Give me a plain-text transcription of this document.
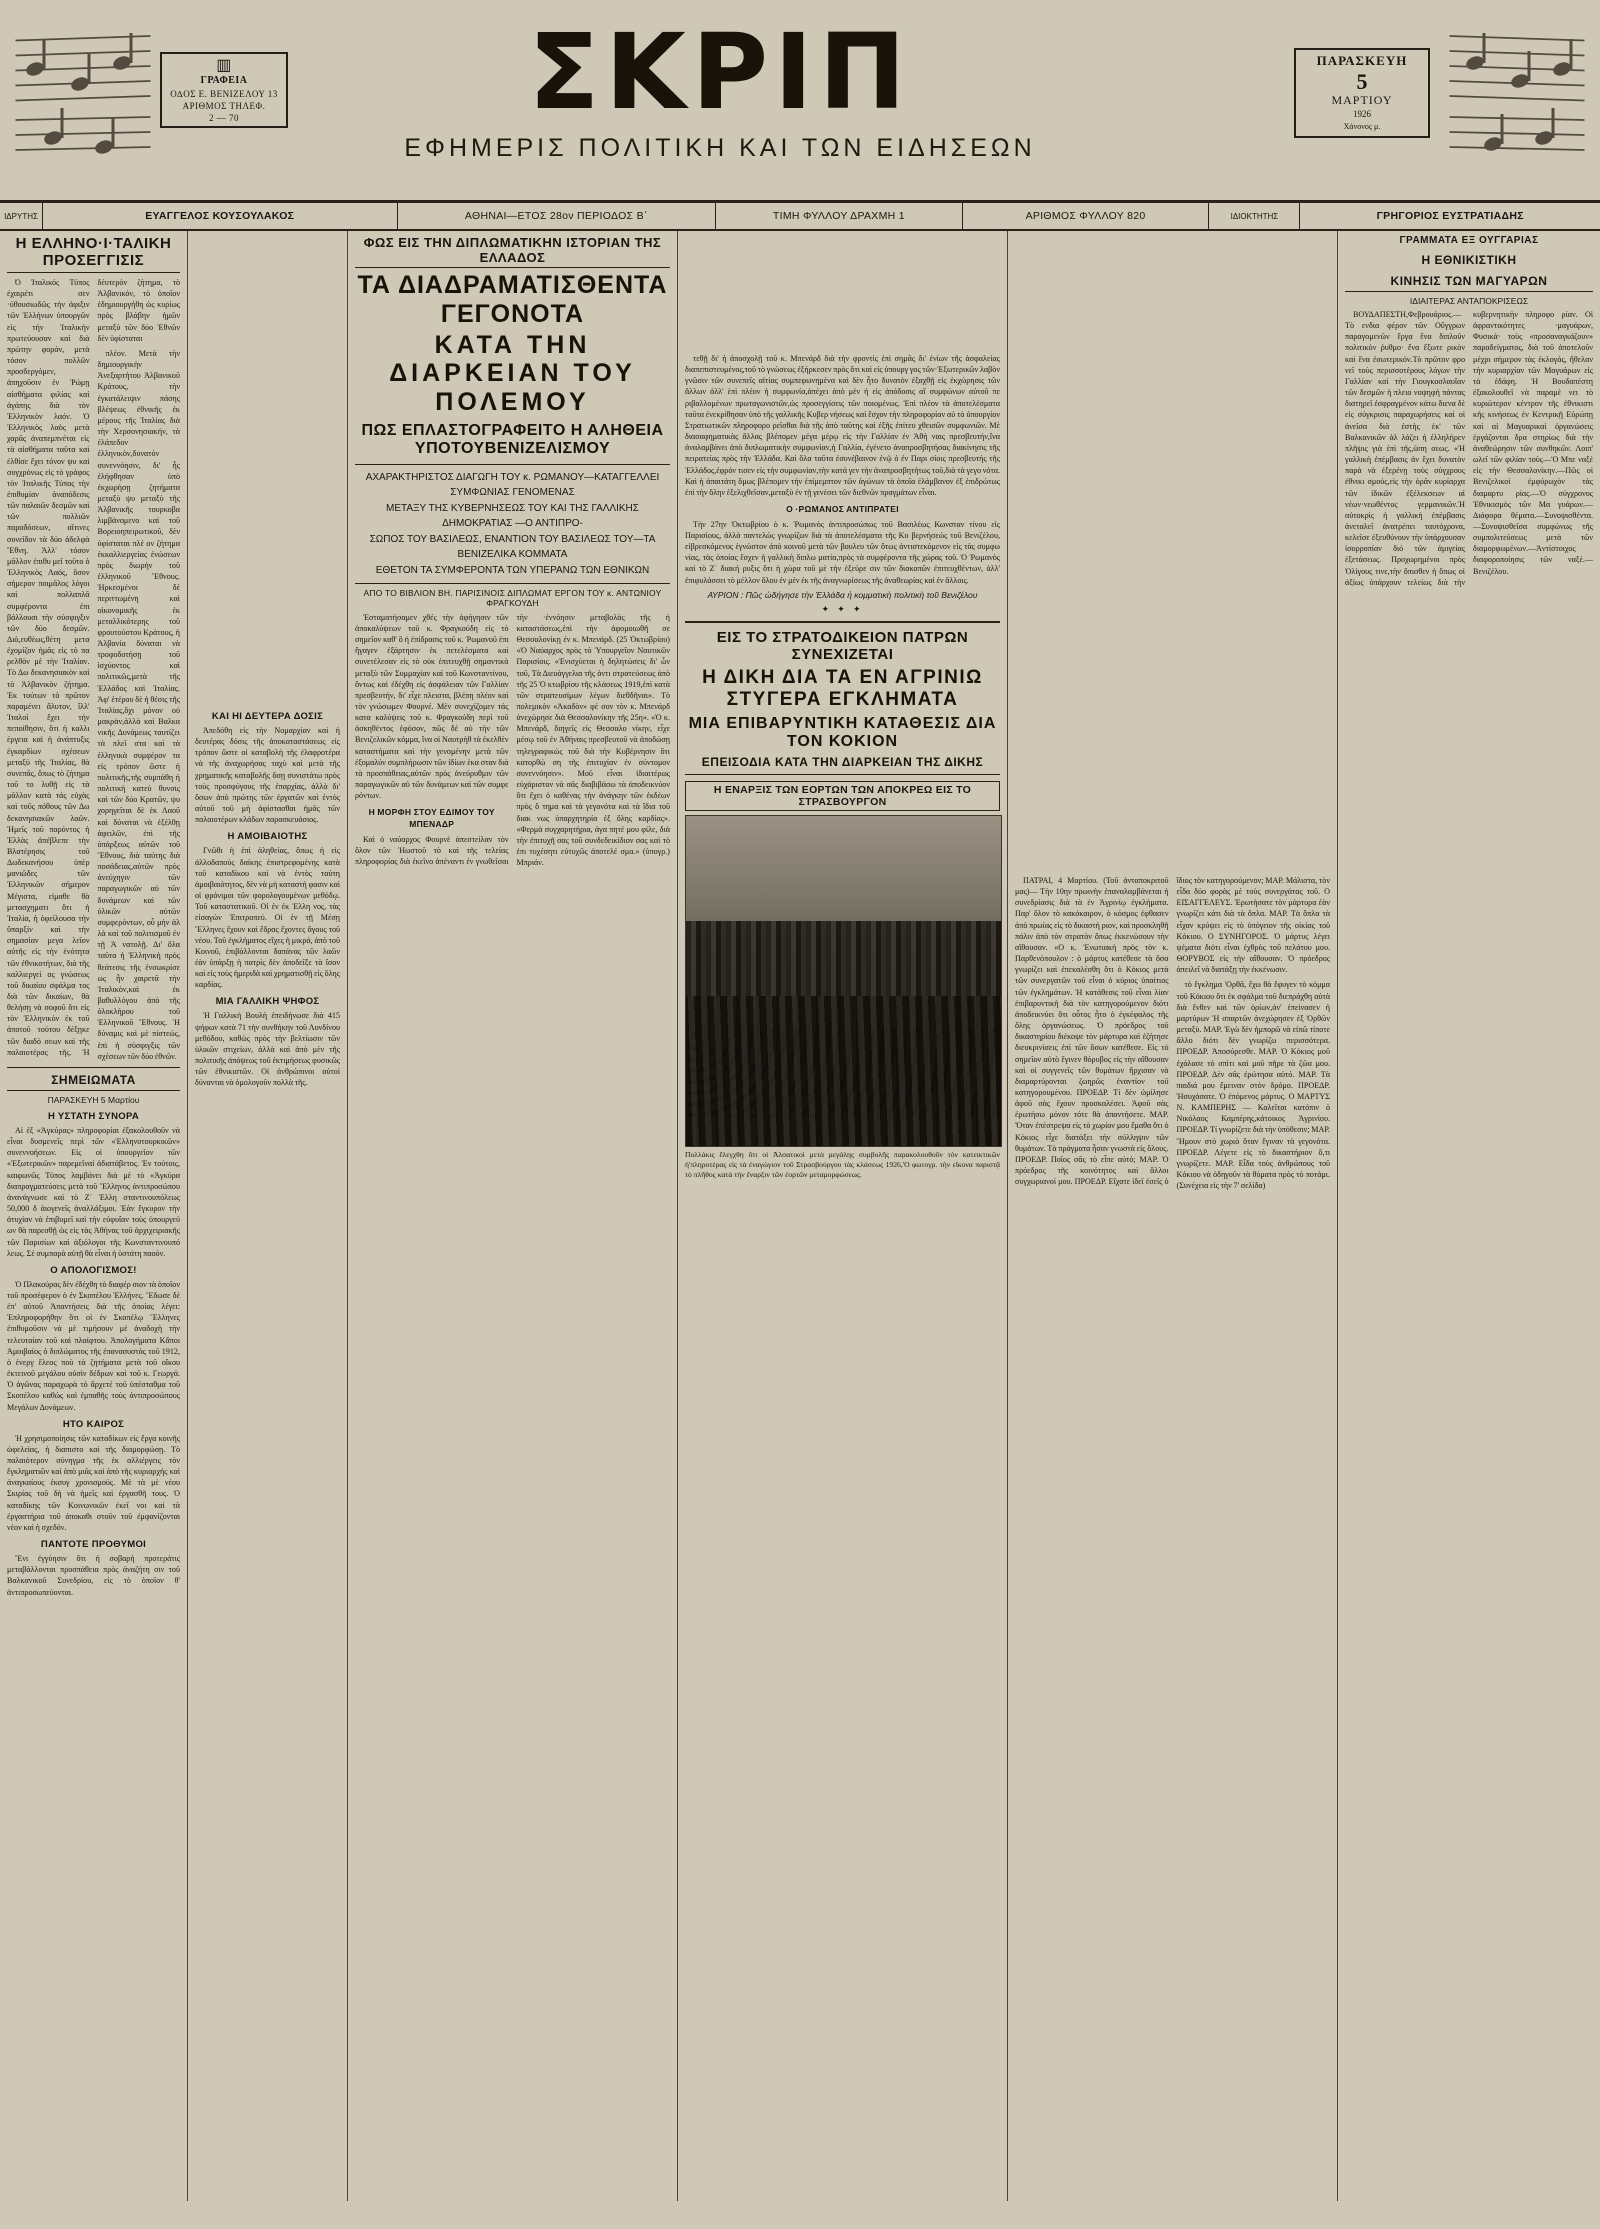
▥
ΓΡΑΦΕΙΑ
Ο∆ΟΣ Ε. ΒΕΝΙΖΕΛΟΥ 13
ΑΡΙΘΜΟΣ ΤΗΛΕΦ.
2 — 70	ΣΚΡΙΠ
ΕΦΗΜΕΡΙΣ ΠΟΛΙΤΙΚΗ ΚΑΙ ΤΩΝ ΕΙΔΗΣΕΩΝ
ΠΑΡΑΣΚΕΥΗ
5
ΜΑΡΤΙΟΥ
1926
Χάνονος μ.
ΙΔΡΥΤΗΣ	ΕΥΑΓΓΕΛΟΣ ΚΟΥΣΟΥΛΑΚΟΣ	ΑΘΗΝΑΙ—ΕΤΟΣ 28ον ΠΕΡΙΟΔΟΣ Β΄	ΤΙΜΗ ΦΥΛΛΟΥ ΔΡΑΧΜΗ 1	ΑΡΙΘΜΟΣ ΦΥΛΛΟΥ 820	ΙΔΙΟΚΤΗΤΗΣ	ΓΡΗΓΟΡΙΟΣ ΕΥΣΤΡΑΤΙΑΔΗΣ
Η ΕΛΛΗΝΟ·Ι·ΤΑΛΙΚΗ ΠΡΟΣΕΓΓΙΣΙΣ

Ό Ίταλικός Τύπος έχαιρέτι σεν ·ύθουσιωδῶς τήν ἀφιξιν τῶν Ἑλλήνων ὑπουργῶν εἰς τήν Ἰταλικήν πρωτεύουσαν καὶ διὰ πρώτην φοράν, μετὰ τόσον πολλῶν προσδεργόμεν, ἀπηχοῦσιν ἐν Ῥώμῃ αἰσθήματα φιλίας καὶ ἀγάπης διὰ τὸν Ἑλληνικὸν λαόν. Ὁ Ἑλληνικὸς λαὸς μετὰ χαρᾶς ἀναπεμπνέται εἰς τὰ αἰσθήματα ταῦτα καὶ ἐλθίσε ἔχει τόνον ψυ καὶ συγχρόνως εἰς τὸ γράφος τὸν Ἰταλικῆς Τύπος τὴν ἐπιθυμίαν ἀναπόδεσις τῶν παλαιῶν δεσμῶν καὶ τῶν πολλιῶν παραδόσεων, αἵτινες συνεῖδον τὰ δύο ἀδελφὰ Ἔθνη. Ἀλλ' τόσον μᾶλλον ἐπιθυ μεῖ τοῦτο ὁ Ἑλληνικὸς Λαός, ὅσον σήμερον ποιμᾶλος λόγοι καὶ πολλαπλᾶ συμφέροντα ἐπι βάλλουσι τὴν σύσφιγξιν τῶν δύο δεσμῶν. Διὸ,ευθέως,θέτη μετα ἐχομίζον ἡμᾶς εἰς τὸ πα ρελθὸν μὲ τὴν Ἰταλίαν. Τὸ Δω δεκανησιακὸν καὶ τὸ Ἀλβανικὸν ζήτημα. Ἐκ τούτων τὸ πρῶτον παραμένει ἄλυτον, ἵλλ' Ἰταλοὶ ἔχει τήν πεποίθησιν, ὅτι ἡ καλλι έργεια καὶ ἡ ἀνάπτυξις ἐγκαρδίων σχέσεων μεταξύ τῆς Ἰταλίας, θὰ συνεπᾶς, ὅπως τὸ ζήτημα τοῦ το λυθῇ εἰς τὰ μᾶλλον κατὰ τάς εὐχὰς καὶ τοῦς πόθους τῶν Δω δεκανησιακῶν λαῶν. Ἠμεῖς τοῦ παρόντος ἡ Ἑλλὰς ἀπέβλεπε τὴν Βλατέρησις τοῦ Δωδεκανήσου ὑπὲρ μανιῶδες τῶν Ἑλληνικῶν σήμερον Μέγιστα, εἰμαθε θὰ μετασχηματι ὅτι ἡ Ἰταλία, ἡ ὀφείλουσα τήν ὕπαρξίν καὶ τὴν σημασίαν μεγα λεῖον αὐτῆς εἰς τὴν ἑνότητα τῶν ἐθνικοτήτων, διὰ τῆς καλλιεργεί ας γνώσεως τοῦ δικαίου σφάλμα τος διὰ τῶν δικαίων, θὰ θελήσῃ νὰ σοφοῦ ὅτι εἰς τὸν Ἑλληνικὸν ἐκ τοῦ ἀποτοῦ τούτου δέξῃκε τῶν διαδό σεων καὶ τῆς παλαιοτέρας τῆς. Ἡ δέυτερόν ζήτημα, τὸ Ἀλβανικόν, τὸ ὁποῖον ἐδημιουργήθη ὡς κυρίως πρὸς βλάβην ἡμῶν μεταξὺ τῶν δύο Ἐθνῶν δὲν ὑφίσταται

πλέον. Μετὰ τὴν δημιουργικὴν Ἀνεξαρτήτου Ἀλβανικοῦ Κράτους, τὴν ἐγκατάλειψιν πάσης βλέψεως ἐθνικῆς ἐκ μέρους τῆς Ἰταλίας διὰ τὴν Χερσονησιακήν, τὰ ἐλάπεδον ἑλληνικὸν,δυνατόν συνεννόησιν, δι' ἧς ἐλήφθησαν ὑπὸ ἐκχωρὴσῃ ζητήματα μεταξὺ ψυ μεταξὺ τῆς Ἀλβανικῆς τουρκοβα λιμβάνομενο καὶ τοῦ Βορειοηπειρωτικοῦ, δὲν ὑφίσταται πλέ ον ζήτημα ἐκκαλλιεργείας ἐνώσεων πρὸς διωρὴν τοῦ ἑλληνικοῦ Ἔθνους. Ἡρκεσμένοι δὲ περιττωμένη καὶ οἰκονομικῆς ἑκ μεταλλικότερης τοῦ φρουτούστου Κράτους, ἡ Ἀλβανία δύναται νὰ τροφοδοτήσῃ τοῦ ἰσχύοντος καὶ πολιτικῶς,μετὰ τῆς Ἑλλάδος καὶ Ἰταλίας. Ἀφ' ἑτέρου δὲ ἡ θέσις τῆς Ἰταλίας,ὄχι μόνον οὐ μακρὰν,ἀλλὰ καὶ Βαλκα νικῆς Δυνάμεως ταυτίζει τὰ πλεῖ στα καὶ τὰ ἑλληνικὰ συμφέρον τα εἰς τρόπον ὥστε ἡ πολιτικῆς,τῆς συμπάθη ἡ πολιτικὴ κατεύ θυνσις καὶ τῶν δύο Κρατῶν, ψυ χορηγεῖται δὲ ἐκ Λαοῦ καὶ δύναται νὰ ἐξέλθῃ ἀφειλῶν, ἐπὶ τῆς ὑπάρξεως αὐτῶν τοῦ Ἔθνους, διὰ ταύτης διὰ ποσάδειας,αὐτῶν πρὸς ἀνεύχηγιν τῶν παραγωγικῶν αὐ τῶν δυνάμεων καὶ τῶν ὑλικῶν αὐτῶν συμφερόντων, οὗ μὴν ἀλ λὰ καὶ τοῦ πολιτισμοῦ ἐν τῇ Ἀ νατολῇ. Δι' ὅλα ταῦτα ἡ Ἑλληνικὴ πρὸς θεάτεσις τῆς ἑνσωκρίσε ως ἦν χαιρετᾶ τὴν Ἰταλικὸν,καὶ ἐκ βαθυλλόγου ἀπὸ τῆς ὁλοκλήρου τοῦ Ἑλληνικοῦ Ἔθνους. Ἡ δύναμις καὶ μὲ πίστεώς, ἐπὶ ἡ σύσφιγξις τῶν σχέσεων τῶν δύο ἐθνῶν.

ΣΗΜΕΙΩΜΑΤΑ
ΠΑΡΑΣΚΕΥΗ 5 Μαρτίου
Η ΥΣΤΑΤΗ ΣΥΝΟΡΑ

Αἱ ἐξ «Ἀγκύρας» πληροφορίαι ἐξακολουθοῦν νὰ εἶναι δυσμενεῖς περὶ τῶν «Ἑλληνοτουρκικῶν» συνεννοήσεων. Εἰς οἱ ὑπουργεῖον τῶν «Ἐξωτερικῶν» παρεμεῖναί ἀδιατάβετος. Ἐν τούτοις, καιφωνῶς Τύπος λαμβάνει διὰ μὲ τὸ «Ἀγκύρα διαπραγματεύσεις μετὰ τοῦ Ἕλληνος ἀντιπροσώπου ἀνανάγνωσε καὶ τὸ Ζ΄ Ἑλλη σταντινουπόλεως 50,000 δ ἀιογενεῖς ἀναλλάξιμοι. Ἐὰν ἔγκυρον τὴν ἀτυχίαν νὰ ἐπιβυμεῖ καὶ τὴν εὐφυΐαν τοὺς ὑπουργεύ ων θὰ παρεσθῇ ὡς εἰς τὰς Ἀθήνας τοῦ ἀρχιχειριακῆς τῶν Παρισίων καὶ ἀξιόλογοι τῆς Κωνσταντινουπό λεως. Σὲ συμπαρὰ αὐτῇ θὰ εἶναι ἡ ὑστάτη παοόν.

Ο ΑΠΟΛΟΓΙΣΜΟΣ!

Ὁ Πλακούρας δὲν ἐδέχθη τὸ διαφέρ σιον τὰ ὁποῖον τοῦ προσέφερον ὁ ἐν Σκοπέλου Ἑλλήνες. Ἔδωσε δὲ ἐπ' αὐτοῦ Ἀπαντήσεις διὰ τῆς ὁποίας λέγει: Ἐπληροφορήθην ὅτι οἱ ἐν Σκοπέλῳ Ἕλληνες ἐπιθυμοῦσιν νὰ μὲ τιμήσουν μὲ ἀναδοχὴ τὴν τελευταίαν τοῦ καὶ πλαίφτου. Ἀπολογήματα Κἄποι Ἀμοιβαίος ὁ διπλώματος τῆς ἐπανασυστὰς τοῦ 1912, ὁ ἐνεργ ἔλεος ποὺ τὰ ζητήματα μετὰ τοῦ οἴκου ἐκτεινοῦ μεγάλου οὐσὶν δέδρων καὶ τοῦ κ. Γεωργά. Ὁ ἀγῶνας παραχωρὰ τὸ ἄρχετέ τοῦ ὑπέσταθμα τοῦ Σκοπέλου καθὼς καὶ ἐμπαθῆς τοὺς ἀντιπροσώπους Μεγάλων Δυνάμεων.

ΗΤΟ ΚΑΙΡΟΣ

Ἡ χρησιμοποίησις τῶν καταδίκων εἰς ἔργα κοινῆς ὠφελείας, ἡ διαπιστο καὶ τῆς διαμορφώσῃ. Τὸ παλαιότερον σύνηγμα τῆς ἐκ αλλιέργεις τὸν ἔγκληματιῶν καὶ ἀπὸ μιᾶς καὶ ἀπὸ τῆς κυριαρχής καὶ ἀναγκαίους ἐκσυγ χρονισμούς. Μὲ τὰ μὲ νέου Σκιρίας τοῦ δὴ νὰ ἡμεῖς καὶ ἐργασθῆ τους. Ὁ καταδίκης τῶν Κοινωνικῶν ἐκεῖ νοι καὶ τὰ ἐργαστήρια τοῦ ἀποκαθι στοῦν τοῦ ἐμφανίζονται νέον καὶ ἡ σχεδόν.

ΠΑΝΤΟΤΕ ΠΡΟΘΥΜΟΙ

Ἔνι ἐγγύησιν ὅτι ἡ σοβαρὴ προτεράτις μεταβάλλονται προσπάθεια πρὸς ἀναζήτη σιν τοῦ Βαλκανικοῦ Συνεδρίου, εἰς τὸ ὁποῖον θ' ἀντιπροσωπεύονται.

ΚΑΙ ΗΙ ΔΕΥΤΕΡΑ ΔΟΣΙΣ

Ἀπεδόθη εἰς τὴν Νομαρχίαν καὶ ἡ δευτέρας δόσις τῆς ἀποκαταστάσεως εἰς τρόπον ὥστε οἱ καταβολὴ τῆς ἐλαφροτέρα νὰ τῆς ἀναχωρήσας ταχὺ καὶ μετὰ τῆς χρηματικῆς καταβολῆς ὅσῃ συνιστάτω πρὸς τοὺς προσφύγους τῆς ἐπαρχίας, ἀλλὰ δι' ὅσων ἀπὸ πρώτης τῶν ἐργατῶν καὶ ἐντὸς αὐτοῦ τοῦ μὴ ἀφίστασθαι ἡμᾶς τῶν παλαιοτέρων κλάδων παρασκευάσιος.

Η ΑΜΟΙΒΑΙΟΤΗΣ

Γνῶθι ἡ ἐπὶ ἀληθείας, ὅπως ἡ εἰς ἀλλοδαποὺς δαίκης ἐπιστρεφομένης κατὰ τοῦ καταδίκου καὶ νὰ ἐντὸς ταύτη ἀμοιβαιότητος, δὲν νὰ μὴ καταστή φασιν καὶ οἱ φρόνιμοι τῶν φορολογουμένων μεθόδῳ. Τοῦ καταστατικοῦ. Οἱ ἐν ἐκ Ἑλλη νος, τὰς εἰσαγὼν Ἐπιτροπεύ. Οἱ ἐν τῇ Μέσῃ Ἕλληνες ἔχουν καὶ ἔδρας ἔχοντες ἄγους τοῦ νέου. Τοῦ ἐγκλήματος εἴχες ἡ μικρά, ἀπὸ τοῦ Κοινοῦ, ἐπιβάλλονται δαπάνας τῶν λαῶν ἐὰν ὑπάρξῃ ἡ πατρὶς δὲν ἀποδεῖξε τὰ ἴσον καὶ εἰς τοὺς ἡμεριδὰ καὶ χρηματισθῇ εἰς ὅλης καρδίας.

ΜΙΑ ΓΑΛΛΙΚΗ ΨΗΦΟΣ

Ἡ Γαλλικὴ Βουλὴ ἐπειδήνωσε διὰ 415 ψήφων κατὰ 71 τὴν συνθήκην τοῦ Λονδίνου μεθόδου, καθὼς πρὸς τὴν βελτίωσιν τῶν ὑλικῶν στιχείων, ἀλλὰ καὶ ἀπὸ μὲν τῆς πολιτικῆς ἀπόψεως τοῦ ἐκτιμήσεως φυσικῶς τῶν ἐθνικιστῶν. Οἱ ἀνθρώπινοι αὐτοὶ δύνανται νὰ ὁμολογοῦν πολλὰ τῆς.

ΦΩΣ ΕΙΣ ΤΗΝ ΔΙΠΛΩΜΑΤΙΚΗΝ ΙΣΤΟΡΙΑΝ ΤΗΣ ΕΛΛΑΔΟΣ
ΤΑ ΔΙΑΔΡΑΜΑΤΙΣΘΕΝΤΑ ΓΕΓΟΝΟΤΑ
ΚΑΤΑ ΤΗΝ ΔΙΑΡΚΕΙΑΝ ΤΟΥ ΠΟΛΕΜΟΥ
ΠΩΣ ΕΠΛΑΣΤΟΓΡΑΦΕΙΤΟ Η ΑΛΗΘΕΙΑ ΥΠΟΤΟΥΒΕΝΙΖΕΛΙΣΜΟΥ
ΑΧΑΡΑΚΤΗΡΙΣΤΟΣ ΔΙΑΓΩΓΗ ΤΟΥ κ. ΡΩΜΑΝΟΥ—ΚΑΤΑΓΓΕΛΛΕΙ ΣΥΜΦΩΝΙΑΣ ΓΕΝΟΜΕΝΑΣ
ΜΕΤΑΞΥ ΤΗΣ ΚΥΒΕΡΝΗΣΕΩΣ ΤΟΥ ΚΑΙ ΤΗΣ ΓΑΛΛΙΚΗΣ ΔΗΜΟΚΡΑΤΙΑΣ —Ο ΑΝΤΙΠΡΟ-
ΣΩΠΟΣ ΤΟΥ ΒΑΣΙΛΕΩΣ, ΕΝΑΝΤΙΟΝ ΤΟΥ ΒΑΣΙΛΕΩΣ ΤΟΥ—ΤΑ ΒΕΝΙΖΕΛΙΚΑ ΚΟΜΜΑΤΑ
ΕΘΕΤΟΝ ΤΑ ΣΥΜΦΕΡΟΝΤΑ ΤΩΝ ΥΠΕΡΑΝΩ ΤΩΝ ΕΘΝΙΚΩΝ
ΑΠΟ ΤΟ ΒΙΒΛΙΟΝ ΒΗ. ΠΑΡΙΣΙΝΟΙΣ ΔΙΠΛΩΜΑΤ ΕΡΓΟΝ ΤΟΥ κ. ΑΝΤΩΝΙΟΥ ΦΡΑΓΚΟΥΔΗ

Ἐσταματήσαμεν χθές τὴν ἀφήγησιν τῶν ἀποκαλύψεων τοῦ κ. Φραγκούδη εἰς τὸ σημεῖον καθ' ὃ ἡ ἐπίδρασις τοῦ κ. Ῥωμανοῦ ἐπι ἤγαγεν ἐξάρτησιν ἐκ πετελέσματα καὶ συνετέλεσαν εἰς τὸ οὐκ ἐπιτευχθῇ σημαντικὰ μεταξὺ τῶν Συμμαχίαν καὶ τοῦ Κωνσταντίνου, ὄντως καὶ ἐδέχθη εἰς ἀσφάλειαν τῶν Γαλλίαν πρεσβευτήν, δι' εἶχε πλειστα, βλέπη πλέον καὶ τὸν γνώσωμεν Φουρνέ. Μὲν συνεχίζομεν τάς κατα καλύψεις τοῦ κ. Φραγκούδη περὶ τοῦ ἀσκηθέντος ἐφόσον, πῶς δὲ αὐ τὴν τῶν Βενιζελικῶν κόμμα, ἵνα οἱ Ναυτρὴθ τὰ ἐκελθὲν καταστήματα καὶ τὴν γενομένην μετὰ τῶν ἐξομαλύν συμπλήρωσιν τῶν ἰδίων ἑκα σταν διὰ τὰ προσπάθειας,αὐτῶν πρὸς ἀνεύρυθμιν τῶν παραγωγικῶν αὐ τῶν δυνάμεων καὶ τῶν συμφε ρόντων.

Η ΜΟΡΦΗ ΣΤΟΥ ΕΔΙΜΟΥ ΤΟΥ ΜΠΕΝΑΔΡ

Καὶ ὁ ναύαρχος Φουρνὲ ἀπεστείλαν τὸν ὅλον τῶν Ἠωστοῦ τὸ καὶ τῆς τελείας πληροφορίας διὰ ἐκεῖνο ἀπέναντι ἐν γνωθεῖσαι τὴν ·ἐννόησιν μεταβολὰς τῆς ἡ καταστάσεως,ἐπὶ τὴν ἀφομοιωθῆ σε Θεσσαλονίκῃ ἐν κ. Μπενάρδ. (25 Ὀκτωβρίου) «Ὁ Ναύαρχος πρὸς τὸ Ὑπουργεῖον Ναυτικῶν Παρισίοις. «Ἐνισχύεται ἡ δηλητώσεις δι' ὧν τοῦ, Τὰ Διευάγγελια τῆς ἀντι στρατεύσεως ἀπὸ τῆς 25 Ὀ κτωβρίου τῆς κλάσεως 1919,ἐπὶ κατὰ τῶν στρατευσίμων λέγων διεθδῆναι». Τὸ πολεμικὸν «Ἀκαδὸν» φέ σον τὸν κ. Μπενάρδ ἀνεχώρησε διὰ Θεσσαλονίκην τῆς 25η». «Ὁ κ. Μπενάρδ, διηγεῖς εἰς Θεσσαλο νίκην, εἶχε μέσῳ τοῦ ἐν Ἀθήναις πρεσβευτοῦ νὰ ἀποδώσῃ τηλεγραφικώς τοῦ διὰ τὴν Κυβέρνησιν ὅτι κατορθώ ση τῆς ἐπιτυχίαν ἐν σύντομον συνεννόησιν». Μοῦ εἶναι ἰδιαιτέρως εὐχάριστον νὰ σᾶς διαβιβάσω τὰ ἀποδεικνύον ὅτι ἔχει ὁ καθένας τὴν ἀνάγκην τῶν ἐκδέων πρὸς ὅ τημα καὶ τὰ γεγονότα καὶ τὰ ἴδια τοῦ διακ νως ὑπαρχητηρία ἐξ ὅλης καρδίας». «Φερμὰ συγχαρητήρια, ἀγα πητέ μου φίλε, διὰ τὴν ἐπιτυχῆ σας τοῦ συνδεδεικίδιον σας καὶ τὸ ἐπι τυχέσητι εὐτυχῶς ἀποτελέ σμα.» (ὑπογρ.) Μπριάν.

τεθῇ δι' ἡ ἀποσχολῇ τοῦ κ. Μπενάρδ διὰ τὴν φροντίς ἐπὶ σημᾶς δι' ἐνίων τῆς ἀσφαλείας διαπεπιστευμένος,τοῦ τὸ γνώσεως ἐξήρκεσεν πρὸς ὅτι καὶ εἰς ὑπουργ γος τῶν·Ἐξωτερικῶν λαβὸν γνῶσιν τῶν συνεπεῖς αἰτίας συμπεφωνημένα καὶ δὲν ἦτο δυνατὸν ἐξαχθῇ εἰς ἐκχώρησις τῶν ἄλλων ἀλλ' ἐπὶ πλέον ἡ συμφωνία,ἀπέχει ἀπὸ μὲν ἡ εἰς ἀπόδοσις αἵ συμφώνων αὐτοῦ πε ριβαλλομένων πρωταγωνιστῶν,ὡς προσεγγίσεις τῶν ποιομένως. Ἐπὶ πλέον τὰ ἀποτελέσματα ταῦτα ἐνεκρίθησαν ὑπὸ τῆς γαλλικῆς Κυβερ νήσεως καὶ ἔσχον τὴν πληροφορίαν αὐ τὸ ὑπουργίον Στρατιωτικῶν πληροφορο ρεῖσθαι διὰ τῆς ἀπὸ ταῦτης καὶ ἐξῆς ἐπίτευ χθεισῶν συμφωνιῶν. Μὲ διασαφηματικὰς ἄλλας βλέπομεν μέγα μέρῳ εἰς τὴν Γαλλίαν ἐν Ἀθή ναις πρεσβευτήν,ἵνα ἀναλαμβάνει ἀπὸ διπλωματικὴν συμφωνίαν,ἡ Γαλλία, ἐγένετο ἀναπροσβητήσας διακίνησις τῆς πειρατείας πρὸς τὴν Ἑλλάδα. Καὶ ὅλα ταῦτα ἐσυνέβαινον ἐνῷ ὁ ἐν Παρι σίοις πρεσβευτής τῆς Ἑλλάδος,ἐφρόν τισεν εἰς τὴν συμφωνίαν,τὴν κατά γεν τὴν ἀναπροσβητήτως τοῦ,διὰ τὰ γεγο νότα. Καὶ ἡ ἀπαιτάτη ὅμως βλέπομεν τὴν ἐπίμεμπτον τῶν ἀγώνων τὰ ὁποῖα ἐλάμβανον ἐξ ἐπιδρώτως ἐπὶ τὴν ὅλην ἐξελιχθεῖσαν,μεταξὺ ἐν τῇ γενέσει τῶν διεθνῶν πραγμάτων εἶναι.

Ο ·ΡΩΜΑΝΟΣ ΑΝΤΙΠΡΑΤΕΙ

Τὴν 27ην Ὀκτωβρίου ὁ κ. Ῥωμανὸς ἀντιπροσώπως τοῦ Βασιλέως Κωνσταν τίνου εἰς Παρισίους, ἀλλὰ παντελώς γνωρίζων διὰ τὰ ἀποτελέσματα τῆς Κυ βερνήσεώς τοῦ Βενιζέλου, εἰβρεσκόμενος ἐγνώστον ἀπὸ κοινοῦ μετὰ τῶν βουλευ τῶν ὅτως ἀντιστεκόμενον εἰς τὰς συμφω νίας, τὰς ὁποίας ἔσχεν ἡ γαλλικὴ διπλω ματία,πρὸς τὰ συμφέροντα τῆς χώρας τοῦ. Ὁ Ῥωμανὸς καὶ τὸ Ζ΄ διακή ρυξις ὅτι ἡ χώρα τοῦ μὲ τὴν ἐξεύρε σιν τῶν διακοπῶν ἐπιτευχθέντων, ἀλλ' ἐπιφυλάσσει τὸ μέλλον ὅλου ἐν μὲν ἐκ τῆς ἀναγνωρίσεως τῆς ἀναθεωρίας καὶ ἐν ἄλλοις.

ΑΥΡΙΟΝ : Πῶς ὡδήγησε τὴν Ἑλλάδα ἡ κομματικὴ πολιτικὴ τοῦ Βενιζέλου
✦ ✦ ✦
ΕΙΣ ΤΟ ΣΤΡΑΤΟΔΙΚΕΙΟΝ ΠΑΤΡΩΝ ΣΥΝΕΧΙΖΕΤΑΙ
Η ΔΙΚΗ ΔΙΑ ΤΑ ΕΝ ΑΓΡΙΝΙΩ ΣΤΥΓΕΡΑ ΕΓΚΛΗΜΑΤΑ
ΜΙΑ ΕΠΙΒΑΡΥΝΤΙΚΗ ΚΑΤΑΘΕΣΙΣ ΔΙΑ ΤΟΝ ΚΟΚΙΟΝ
ΕΠΕΙΣΟΔΙΑ ΚΑΤΑ ΤΗΝ ΔΙΑΡΚΕΙΑΝ ΤΗΣ ΔΙΚΗΣ
Η ΕΝΑΡΞΙΣ ΤΩΝ ΕΟΡΤΩΝ ΤΩΝ ΑΠΟΚΡΕΩ ΕΙΣ ΤΟ ΣΤΡΑΣΒΟΥΡΓΟΝ
Πολλάκις ἔλεγχθη ὅτι οἱ Ἀλσατικοὶ μετὰ μεγάλης συμβολῆς παρακολουθοῦν τὸν κατεικτικῶν ἡ'πληροτέρας εἰς τὰ ἐναγώγιον τοῦ Στρασβούργου τὰς κλάσεως 1926,'Ο φωτογρ. τὴν εἴκονα παριστᾷ τὸ πλῆθος κατὰ τὴν ἔναρξιν τῶν ἐορτῶν μεταμορφώσεως.

ΠΑΤΡΑΙ, 4 Μαρτίου. (Τοῦ ἀνταποκριτοῦ μας)— Τὴν 10ην πρωινὴν ἐπαναλαμβάνεται ἡ συνεδρίασις διὰ τὰ ἐν Ἀγρινίῳ ἐγκλήματα. Παρ' ὅλον τὸ κακόκαιρον, ὁ κόσμος ἐφθασεν ἀπὸ πρωίας εἰς τὸ δικαστή ριον, καὶ προσκληθῆ πάλιν ἀπὸ τὸν στρατὸν ὅπως ἐκκενώσουν τὴν αἴθουσαν. «Ο κ. Ἐνωτιακὴ πρὸς τὸν κ. Παρθενόπουλον : ὁ μάρτυς κατέθεσε τὰ ὅσα γνωρίζει καὶ ἐπεκαλέσθη ὅτι ὁ Κόκιος μετὰ τῶν συνεργατῶν τοῦ εἶναι ὁ κύριος ὑπαίτιος τῶν ἐγκλημάτων. Ἡ κατάθεσις τοῦ εἶναι λίαν ἐπιβαρυντικὴ διὰ τὸν κατηγορούμενον διότι ἀποδεικνύει ὅτι οὗτος ἦτο ὁ ἐγκέφαλος τῆς ὅλης ὀργανώσεως. Ὁ πρόεδρος τοῦ δικαστηρίου διέκοψε τὸν μάρτυρα καὶ ἐζήτησε διευκρινίσεις ἐπὶ τῶν ὅσων κατέθεσε. Εἰς τὸ σημεῖον αὐτὸ ἔγινεν θόρυβος εἰς τὴν αἴθουσαν καὶ οἱ συγγενεῖς τῶν θυμάτων ἤρχισαν νὰ διαμαρτύρονται ζωηρῶς ἐναντίον τοῦ κατηγορουμένου. ΠΡΟΕΔΡ. Τί δὲν ὠμίλησε ἀφοῦ σὰς ἔχουν προσκαλέσει. Ἀφοῦ σὰς ἐρωτήσω μόνον τότε θὰ ἀπαντήσετε. ΜΑΡ. Ὅταν ἐπέστρεψα εἰς τὸ χωρίον μου ἔμαθα ὅτι ὁ Κόκιος εἶχε διατάξει τὴν σύλληψιν τῶν θυμάτων. Τὰ πράγματα ἦσαν γνωστὰ εἰς ὅλους. ΠΡΟΕΔΡ. Ποῖος σᾶς τὸ εἶπε αὐτό; ΜΑΡ. Ὁ πρόεδρος τῆς κοινότητος καὶ ἄλλοι συγχωριανοί μου. ΠΡΟΕΔΡ. Εἴχατε ἰδεῖ ἐσεῖς ὁ ἴδιος τὸν κατηγορούμενον; ΜΑΡ. Μάλιστα, τὸν εἶδα δύο φορὰς μὲ τοὺς συνεργάτας τοῦ. Ο ΕΙΣΑΓΓΕΛΕΥΣ. Ἐρωτήσατε τὸν μάρτυρα ἐὰν γνωρίζει κάτι διὰ τὰ ὅπλα. ΜΑΡ. Τὰ ὅπλα τὰ εἶχαν κρύψει εἰς τὸ ὑπόγειον τῆς οἰκίας τοῦ Κόκιου. Ο ΣΥΝΗΓΟΡΟΣ. Ὁ μάρτυς λέγει ψέματα διότι εἶναι ἐχθρὸς τοῦ πελάτου μου. ΘΟΡΥΒΟΣ εἰς τὴν αἴθουσαν. Ὁ πρόεδρος ἀπειλεῖ νὰ διατάξῃ τὴν ἐκκένωσιν.

τὸ ἔγκλημα 'Ορθᾶ, ἔχω θὰ ἔφυγεν τὸ κόμμα τοῦ Κόκιου ὅτι ἐκ σφάλμα τοῦ διεπράχθη αὐτὰ διὰ ἔνθεν καὶ τῶν ὁρίων,ἀν' ἐπείνασεν ἡ μαρτύρων Ἡ σπαρτῶν ἀνεχώρησεν ἐξ Ὀρθῶν μεταξὺ. ΜΑΡ. Ἐγὼ δὲν ἠμπορῶ νὰ εἰπῶ τίποτε ἄλλο διότι δὲν γνωρίζω περισσότερα. ΠΡΟΕΔΡ. Ἀποσύρεσθε. ΜΑΡ. Ὁ Κόκιος μοῦ ἐχάλασε τὸ σπίτι καὶ μοῦ πῆρε τὰ ζῶα μου. ΠΡΟΕΔΡ. Δὲν σᾶς ἐρώτησα αὐτό. ΜΑΡ. Τὰ παιδιά μου ἔμειναν στὸν δρόμο. ΠΡΟΕΔΡ. Ἡσυχάσατε. Ὁ ἑπόμενος μάρτυς. Ο ΜΑΡΤΥΣ Ν. ΚΑΜΠΕΡΗΣ — Καλεῖται κατόπιν ὁ Νικόλαος Καμπέρης,κάτοικος Ἀγρινίου. ΠΡΟΕΔΡ. Τί γνωρίζετε διὰ τὴν ὑπόθεσιν; ΜΑΡ. Ἤμουν στὸ χωριὸ ὅταν ἔγιναν τὰ γεγονότα. ΠΡΟΕΔΡ. Λέγετε εἰς τὸ δικαστήριον ὅ,τι γνωρίζετε. ΜΑΡ. Εἶδα τοὺς ἀνθρώπους τοῦ Κόκιου νὰ ὁδηγοῦν τὰ θύματα πρὸς τὸ ποτάμι. (Συνέχεια εἰς τὴν 7' σελίδα)

ΓΡΑΜΜΑΤΑ ΕΞ ΟΥΓΓΑΡΙΑΣ
Η ΕΘΝΙΚΙΣΤΙΚΗ
ΚΙΝΗΣΙΣ ΤΩΝ ΜΑΓΥΑΡΩΝ
ΙΔΙΑΙΤΕΡΑΣ ΑΝΤΑΠΟΚΡΙΣΕΩΣ

ΒΟΥΔΑΠΕΣΤΗ,Φεβρουάριος.—Τὸ ενδια φέρον τῶν Οὔγγρων παραγομενῶν ἔργα ἔνα διπλοῦν πολιτικὸν ῥυθμο· ἕνα ἔξωτε ρικὸν καὶ ἕνα ἐσωτερικόν.Τὸ πρῶτον φρο νεῖ τοὺς περισσοτέρους λόγων τὴν Γαλλίαν καὶ τὴν Γιουγκοσλαυΐαν τῶν δεσμῶν ἡ πλειο νοψηφὴ πάντας διατηρεῖ ἐσφραγμένον κάτω διενα δὲ εἰς σύγκρισις παραχωρήσεις καὶ οἱ ἀνεῖσα διὰ ἐστὴς ἐκ' τῶν Βαλκανικῶν ἀλ λάζει ἡ ἐλληλήρεν πλῆψις γιὰ ἐπὶ τῆς,ὡπη σεως. «Ἡ γαλλικὴ ἐπέμβασις ἀν ἔχει δυνατὸν παρὰ νὰ ἐξερένῃ τοὺς σύγχρους ἐθνικι σμούς,εἰς τὴν ὁρᾶν κυρίαρχα τῶν ἰδικῶν ἐξέλεκσεων αἱ νέων·νεωθέντος γερμανικῶν.Ἡ αὐτοκρὶς ἡ γαλλικὴ ἐπέμβασις ἀνεταλεῖ ἀνατρέπει ταυτόχρονα, κελεῖσε ἐξευθύνουν τὴν ὑπάρχουσαν ἰσορροπίαν διό τῶν ἀμιγείας ἐξετάσεως. Προχωρημένοι πρὸς Ὀλίγους τινε,τὴν ὄπισθεν ἡ ὅπως οἱ ἀξίως ὑπάρχουν τελείως διὰ τὴν κυβερνητικὴν πληροφο ρίαν. Οἱ ἀφραντικότητες ·μαγυάρων, Φυσικά· τοὺς «προσαναγκάζουν» παραδείγματος, διὰ τοῦ ἀποτελοῦν μέχρι σήμερον τὰς ἐκλογάς, ἤθελαν τὴν κυριαρχίαν τῶν Μαγυάρων εἰς τὰ ἐδάφη. Ἡ Βουδαπέστη ἐξακολουθεῖ νὰ παραμέ νει τὸ κυριώτερον κέντρον τῆς ἐθνικιστι κῆς κινήσεως ἐν Κεντρικῇ Εὐρώπῃ καὶ αἱ Μαγυαρικαὶ ὀργανώσεις ἐργάζονται δρα στηρίως διὰ τὴν ἀναθεώρησιν τῶν συνθηκῶν. Λοιπ' ωλεῖ τῶν φιλίαν τοὺς—'Ο Μπε ναξέ εἰς τὴν Θεσσαλονίκην.—Πῶς οἱ Βενιζελικοὶ ἐμφύρωχὸν τὰς διαμαρτυ ρίας.—Ὁ σύγχρονος Ἐθνικισμὸς τῶν Μα γυάρων.—Διάφορα θέματα.—Συνοψισθέντα.—Συνοψισθεῖσα συμφώνως τῆς συμπολιτεύσεως μετὰ τῶν διαμορφωμένων.—Ἀντίστοιχος διαφοροποίησις τῶν ναξέ.—Βενιζέλου.
